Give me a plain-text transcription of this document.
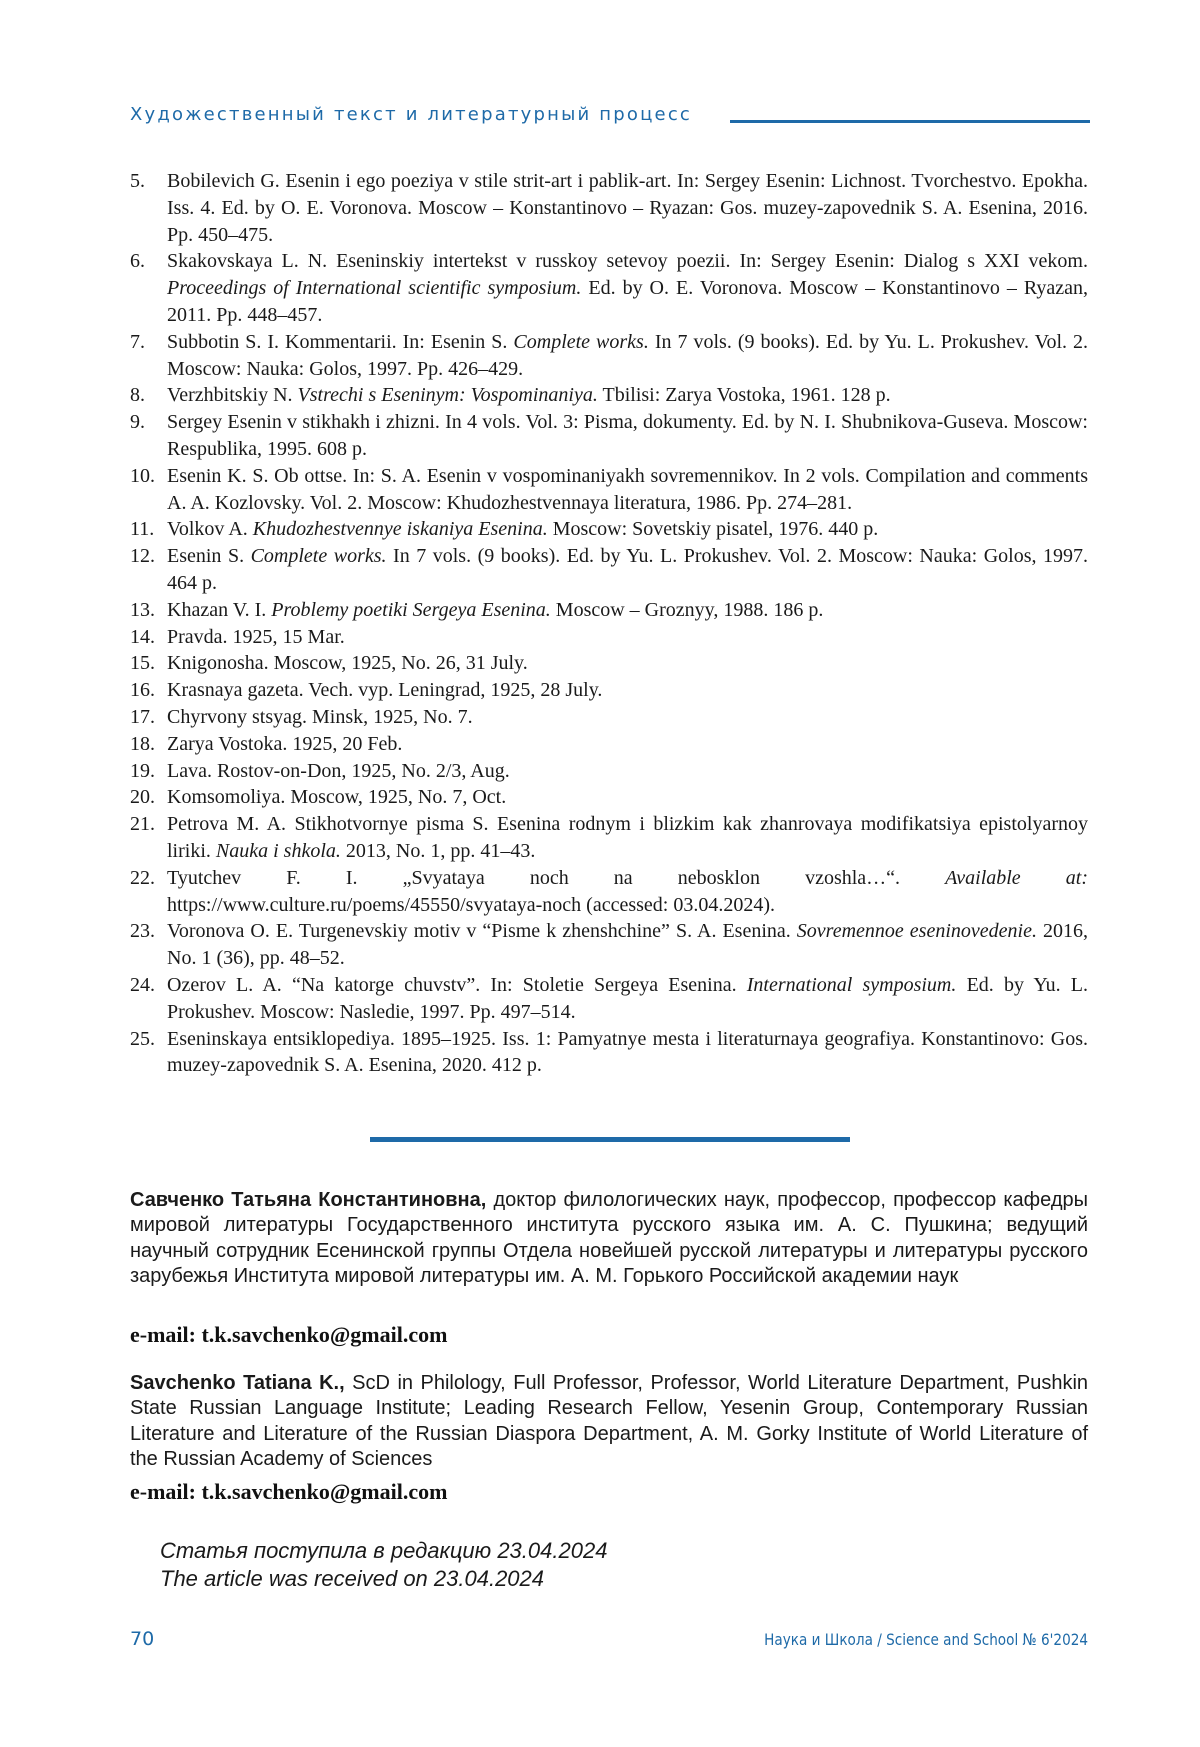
Художественный текст и литературный процесс
5. Bobilevich G. Esenin i ego poeziya v stile strit-art i pablik-art. In: Sergey Esenin: Lichnost. Tvorchestvo. Epokha. Iss. 4. Ed. by O. E. Voronova. Moscow – Konstantinovo – Ryazan: Gos. muzey-zapovednik S. A. Esenina, 2016. Pp. 450–475.
6. Skakovskaya L. N. Eseninskiy intertekst v russkoy setevoy poezii. In: Sergey Esenin: Dialog s XXI vekom. Proceedings of International scientific symposium. Ed. by O. E. Voronova. Moscow – Konstantinovo – Ryazan, 2011. Pp. 448–457.
7. Subbotin S. I. Kommentarii. In: Esenin S. Complete works. In 7 vols. (9 books). Ed. by Yu. L. Prokushev. Vol. 2. Moscow: Nauka: Golos, 1997. Pp. 426–429.
8. Verzhbitskiy N. Vstrechi s Eseninym: Vospominaniya. Tbilisi: Zarya Vostoka, 1961. 128 p.
9. Sergey Esenin v stikhakh i zhizni. In 4 vols. Vol. 3: Pisma, dokumenty. Ed. by N. I. Shubnikova-Guseva. Moscow: Respublika, 1995. 608 p.
10. Esenin K. S. Ob ottse. In: S. A. Esenin v vospominaniyakh sovremennikov. In 2 vols. Compilation and comments A. A. Kozlovsky. Vol. 2. Moscow: Khudozhestvennaya literatura, 1986. Pp. 274–281.
11. Volkov A. Khudozhestvennye iskaniya Esenina. Moscow: Sovetskiy pisatel, 1976. 440 p.
12. Esenin S. Complete works. In 7 vols. (9 books). Ed. by Yu. L. Prokushev. Vol. 2. Moscow: Nauka: Golos, 1997. 464 p.
13. Khazan V. I. Problemy poetiki Sergeya Esenina. Moscow – Groznyy, 1988. 186 p.
14. Pravda. 1925, 15 Mar.
15. Knigonosha. Moscow, 1925, No. 26, 31 July.
16. Krasnaya gazeta. Vech. vyp. Leningrad, 1925, 28 July.
17. Chyrvony stsyag. Minsk, 1925, No. 7.
18. Zarya Vostoka. 1925, 20 Feb.
19. Lava. Rostov-on-Don, 1925, No. 2/3, Aug.
20. Komsomoliya. Moscow, 1925, No. 7, Oct.
21. Petrova M. A. Stikhotvornye pisma S. Esenina rodnym i blizkim kak zhanrovaya modifikatsiya epistolyarnoy liriki. Nauka i shkola. 2013, No. 1, pp. 41–43.
22. Tyutchev F. I. „Svyataya noch na nebosklon vzoshla…“. Available at: https://www.culture.ru/poems/45550/svyataya-noch (accessed: 03.04.2024).
23. Voronova O. E. Turgenevskiy motiv v “Pisme k zhenshchine” S. A. Esenina. Sovremennoe eseninovedenie. 2016, No. 1 (36), pp. 48–52.
24. Ozerov L. A. “Na katorge chuvstv”. In: Stoletie Sergeya Esenina. International symposium. Ed. by Yu. L. Prokushev. Moscow: Nasledie, 1997. Pp. 497–514.
25. Eseninskaya entsiklopediya. 1895–1925. Iss. 1: Pamyatnye mesta i literaturnaya geografiya. Konstantinovo: Gos. muzey-zapovednik S. A. Esenina, 2020. 412 p.
Савченко Татьяна Константиновна, доктор филологических наук, профессор, профессор кафедры мировой литературы Государственного института русского языка им. А. С. Пушкина; ведущий научный сотрудник Есенинской группы Отдела новейшей русской литературы и литературы русского зарубежья Института мировой литературы им. А. М. Горького Российской академии наук
e-mail: t.k.savchenko@gmail.com
Savchenko Tatiana K., ScD in Philology, Full Professor, Professor, World Literature Department, Pushkin State Russian Language Institute; Leading Research Fellow, Yesenin Group, Contemporary Russian Literature and Literature of the Russian Diaspora Department, A. M. Gorky Institute of World Literature of the Russian Academy of Sciences
e-mail: t.k.savchenko@gmail.com
Статья поступила в редакцию 23.04.2024
The article was received on 23.04.2024
70	Наука и Школа / Science and School № 6'2024
